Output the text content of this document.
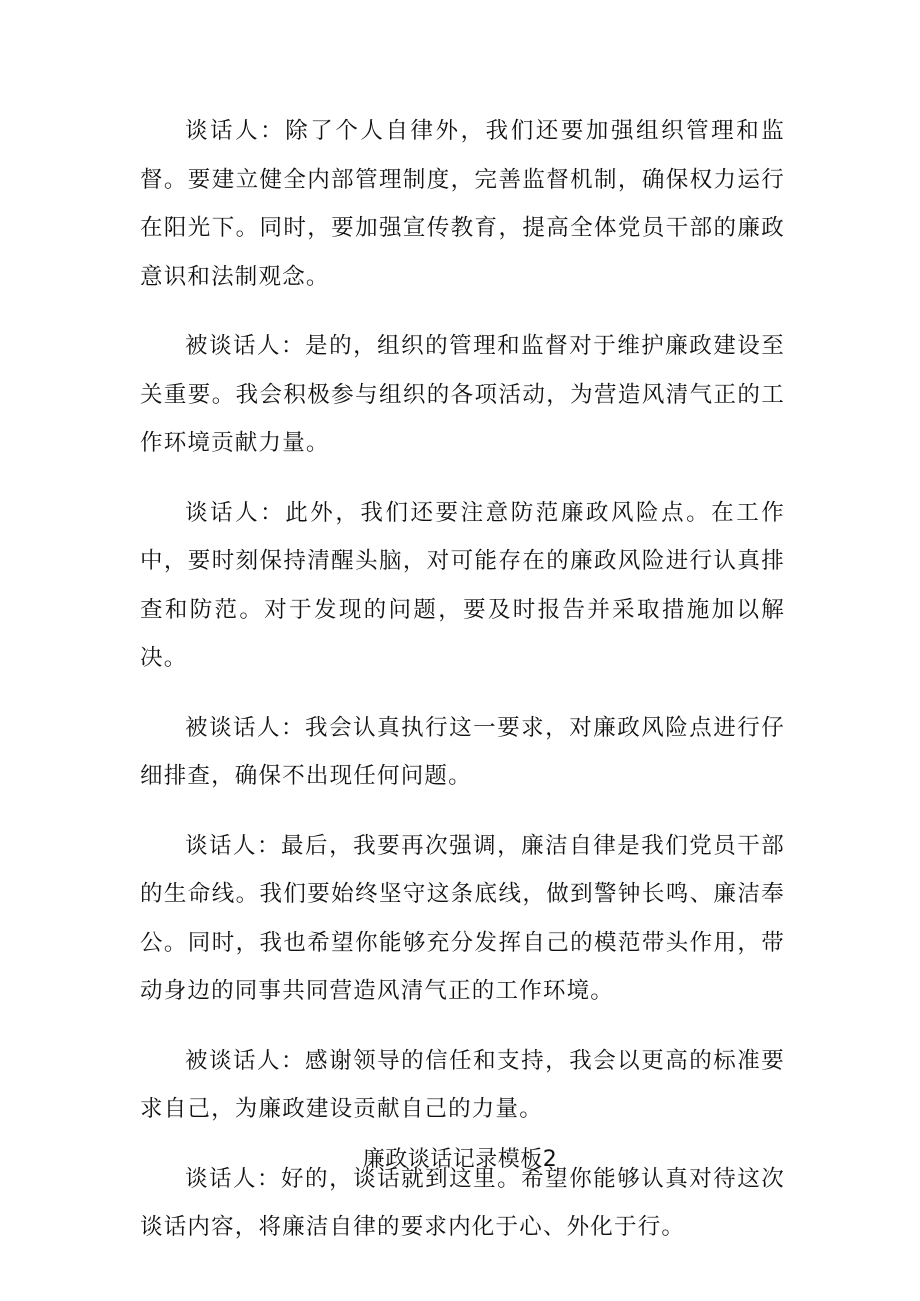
谈话人：除了个人自律外，我们还要加强组织管理和监督。要建立健全内部管理制度，完善监督机制，确保权力运行在阳光下。同时，要加强宣传教育，提高全体党员干部的廉政意识和法制观念。

被谈话人：是的，组织的管理和监督对于维护廉政建设至关重要。我会积极参与组织的各项活动，为营造风清气正的工作环境贡献力量。

谈话人：此外，我们还要注意防范廉政风险点。在工作中，要时刻保持清醒头脑，对可能存在的廉政风险进行认真排查和防范。对于发现的问题，要及时报告并采取措施加以解决。

被谈话人：我会认真执行这一要求，对廉政风险点进行仔细排查，确保不出现任何问题。

谈话人：最后，我要再次强调，廉洁自律是我们党员干部的生命线。我们要始终坚守这条底线，做到警钟长鸣、廉洁奉公。同时，我也希望你能够充分发挥自己的模范带头作用，带动身边的同事共同营造风清气正的工作环境。

被谈话人：感谢领导的信任和支持，我会以更高的标准要求自己，为廉政建设贡献自己的力量。

谈话人：好的，谈话就到这里。希望你能够认真对待这次谈话内容，将廉洁自律的要求内化于心、外化于行。

廉政谈话记录模板2
